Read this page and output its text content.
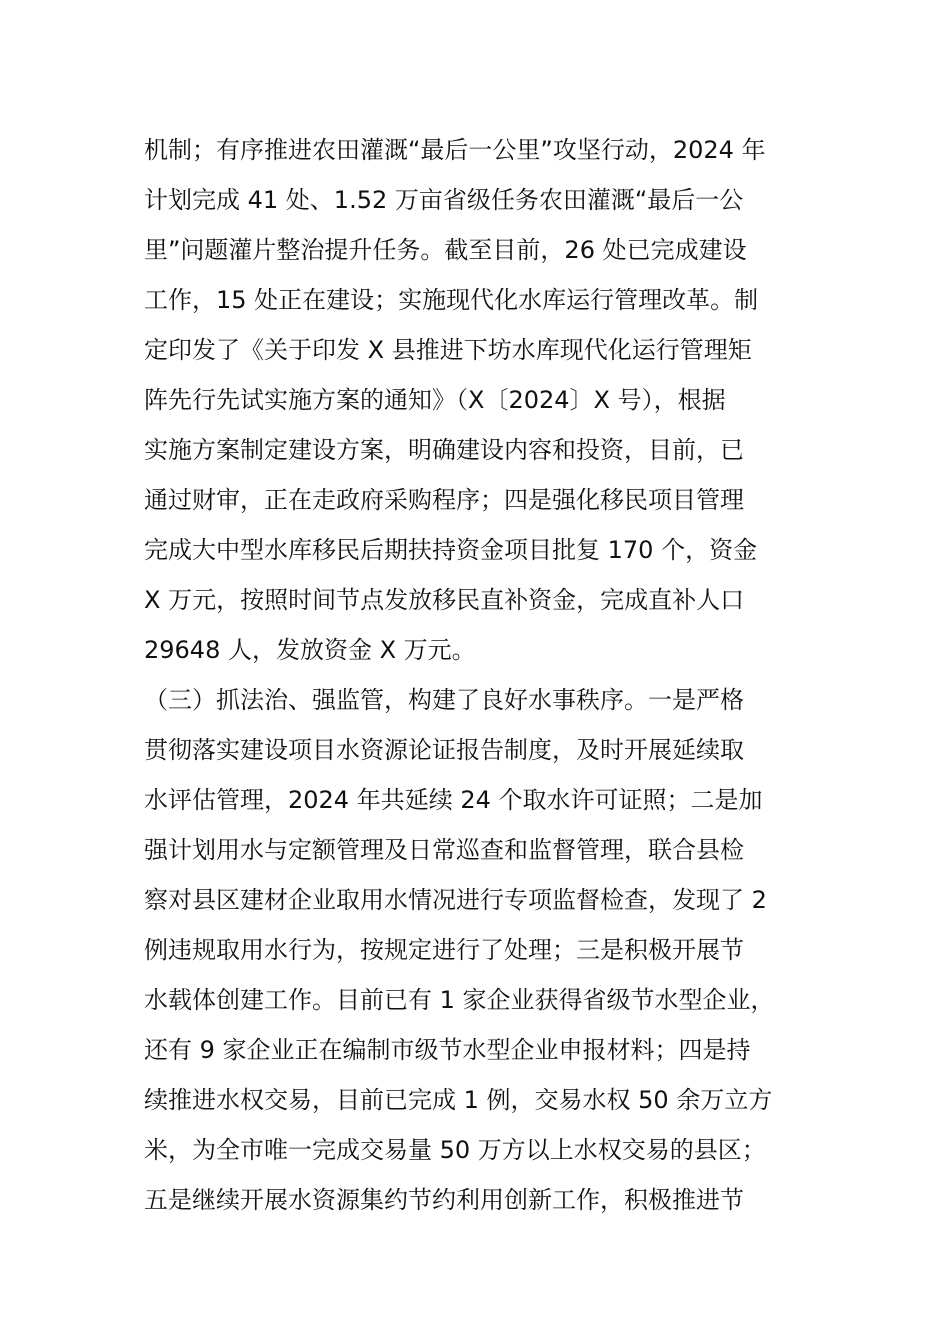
机制；有序推进农田灌溉“最后一公里”攻坚行动，2024 年
计划完成 41 处、1.52 万亩省级任务农田灌溉“最后一公
里”问题灌片整治提升任务。截至目前，26 处已完成建设
工作，15 处正在建设；实施现代化水库运行管理改革。制
定印发了《关于印发 X 县推进下坊水库现代化运行管理矩
阵先行先试实施方案的通知》（X〔2024〕X 号），根据
实施方案制定建设方案，明确建设内容和投资，目前，已
通过财审，正在走政府采购程序；四是强化移民项目管理
完成大中型水库移民后期扶持资金项目批复 170 个，资金
X 万元，按照时间节点发放移民直补资金，完成直补人口
29648 人，发放资金 X 万元。
（三）抓法治、强监管，构建了良好水事秩序。一是严格
贯彻落实建设项目水资源论证报告制度，及时开展延续取
水评估管理，2024 年共延续 24 个取水许可证照；二是加
强计划用水与定额管理及日常巡查和监督管理，联合县检
察对县区建材企业取用水情况进行专项监督检查，发现了 2
例违规取用水行为，按规定进行了处理；三是积极开展节
水载体创建工作。目前已有 1 家企业获得省级节水型企业，
还有 9 家企业正在编制市级节水型企业申报材料；四是持
续推进水权交易，目前已完成 1 例，交易水权 50 余万立方
米，为全市唯一完成交易量 50 万方以上水权交易的县区；
五是继续开展水资源集约节约利用创新工作，积极推进节
